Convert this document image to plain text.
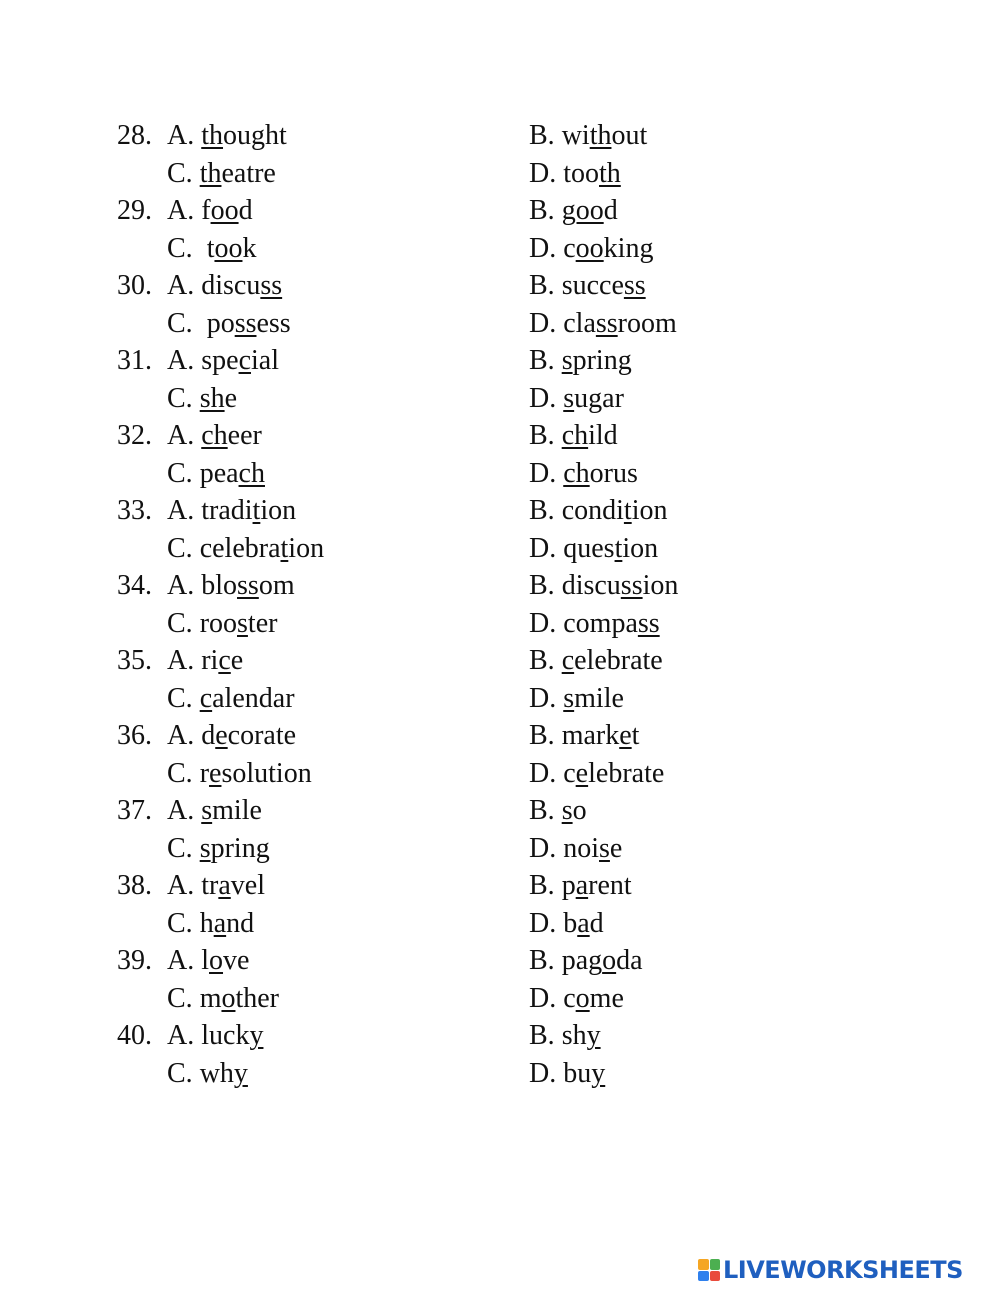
28. A. thought	B. without
C. theatre	D. tooth
29. A. food	B. good
C.  took	D. cooking
30. A. discuss	B. success
C.  possess	D. classroom
31. A. special	B. spring
C. she	D. sugar
32. A. cheer	B. child
C. peach	D. chorus
33. A. tradition	B. condition
C. celebration	D. question
34. A. blossom	B. discussion
C. rooster	D. compass
35. A. rice	B. celebrate
C. calendar	D. smile
36. A. decorate	B. market
C. resolution	D. celebrate
37. A. smile	B. so
C. spring	D. noise
38. A. travel	B. parent
C. hand	D. bad
39. A. love	B. pagoda
C. mother	D. come
40. A. lucky	B. shy
C. why	D. buy
LIVEWORKSHEETS
